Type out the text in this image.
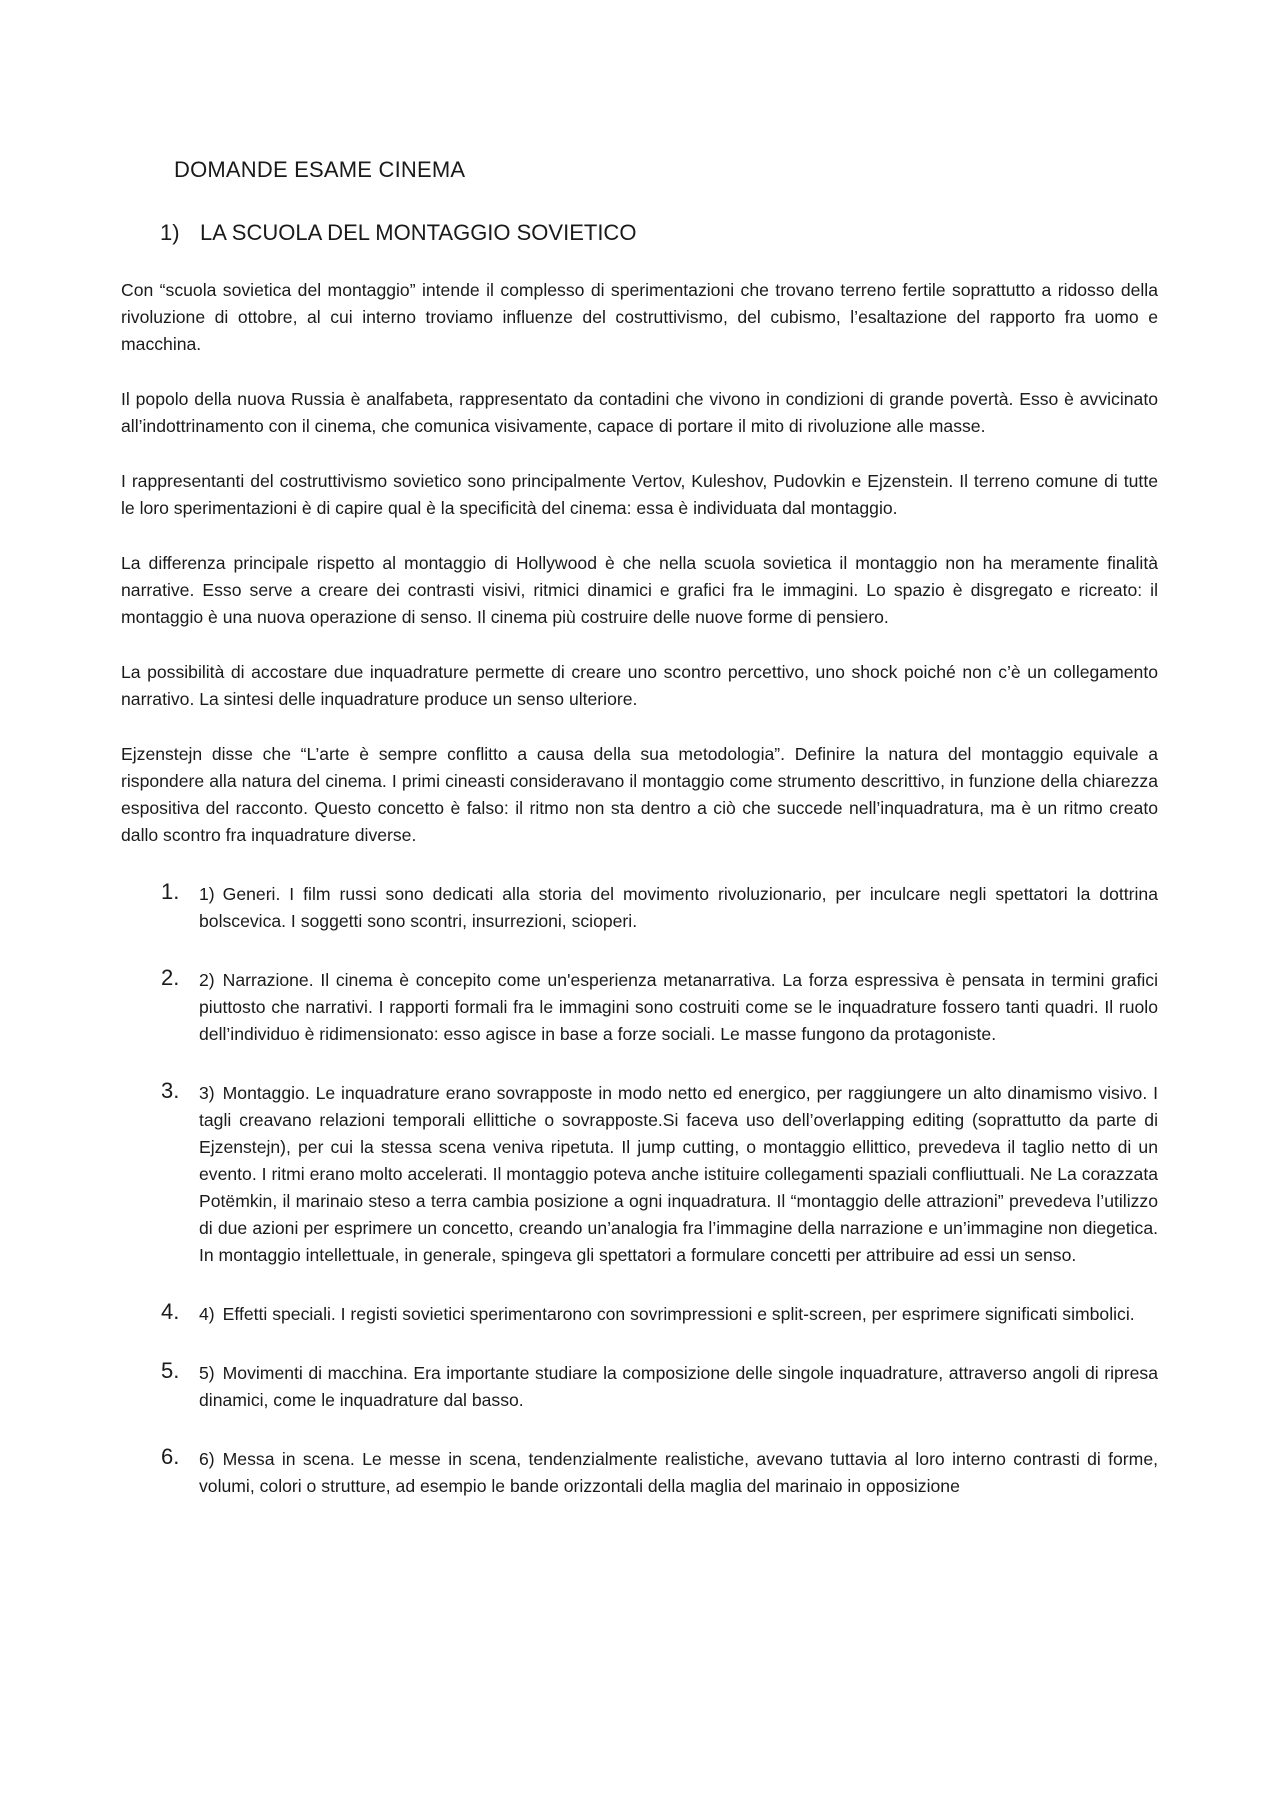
DOMANDE ESAME CINEMA
1) LA SCUOLA DEL MONTAGGIO SOVIETICO

Con “scuola sovietica del montaggio” intende il complesso di sperimentazioni che trovano terreno fertile soprattutto a ridosso della rivoluzione di ottobre, al cui interno troviamo influenze del costruttivismo, del cubismo, l’esaltazione del rapporto fra uomo e macchina.

Il popolo della nuova Russia è analfabeta, rappresentato da contadini che vivono in condizioni di grande povertà. Esso è avvicinato all’indottrinamento con il cinema, che comunica visivamente, capace di portare il mito di rivoluzione alle masse.

I rappresentanti del costruttivismo sovietico sono principalmente Vertov, Kuleshov, Pudovkin e Ejzenstein. Il terreno comune di tutte le loro sperimentazioni è di capire qual è la specificità del cinema: essa è individuata dal montaggio.

La differenza principale rispetto al montaggio di Hollywood è che nella scuola sovietica il montaggio non ha meramente finalità narrative. Esso serve a creare dei contrasti visivi, ritmici dinamici e grafici fra le immagini. Lo spazio è disgregato e ricreato: il montaggio è una nuova operazione di senso. Il cinema più costruire delle nuove forme di pensiero.

La possibilità di accostare due inquadrature permette di creare uno scontro percettivo, uno shock poiché non c’è un collegamento narrativo. La sintesi delle inquadrature produce un senso ulteriore.

Ejzenstejn disse che “L’arte è sempre conflitto a causa della sua metodologia”. Definire la natura del montaggio equivale a rispondere alla natura del cinema. I primi cineasti consideravano il montaggio come strumento descrittivo, in funzione della chiarezza espositiva del racconto. Questo concetto è falso: il ritmo non sta dentro a ciò che succede nell’inquadratura, ma è un ritmo creato dallo scontro fra inquadrature diverse.

1. 1) Generi. I film russi sono dedicati alla storia del movimento rivoluzionario, per inculcare negli spettatori la dottrina bolscevica. I soggetti sono scontri, insurrezioni, scioperi.
2. 2) Narrazione. Il cinema è concepito come un'esperienza metanarrativa. La forza espressiva è pensata in termini grafici piuttosto che narrativi. I rapporti formali fra le immagini sono costruiti come se le inquadrature fossero tanti quadri. Il ruolo dell’individuo è ridimensionato: esso agisce in base a forze sociali. Le masse fungono da protagoniste.
3. 3) Montaggio. Le inquadrature erano sovrapposte in modo netto ed energico, per raggiungere un alto dinamismo visivo. I tagli creavano relazioni temporali ellittiche o sovrapposte.Si faceva uso dell’overlapping editing (soprattutto da parte di Ejzenstejn), per cui la stessa scena veniva ripetuta. Il jump cutting, o montaggio ellittico, prevedeva il taglio netto di un evento. I ritmi erano molto accelerati. Il montaggio poteva anche istituire collegamenti spaziali confliuttuali. Ne La corazzata Potëmkin, il marinaio steso a terra cambia posizione a ogni inquadratura. Il “montaggio delle attrazioni” prevedeva l’utilizzo di due azioni per esprimere un concetto, creando un’analogia fra l’immagine della narrazione e un’immagine non diegetica. In montaggio intellettuale, in generale, spingeva gli spettatori a formulare concetti per attribuire ad essi un senso.
4. 4) Effetti speciali. I registi sovietici sperimentarono con sovrimpressioni e split-screen, per esprimere significati simbolici.
5. 5) Movimenti di macchina. Era importante studiare la composizione delle singole inquadrature, attraverso angoli di ripresa dinamici, come le inquadrature dal basso.
6. 6) Messa in scena. Le messe in scena, tendenzialmente realistiche, avevano tuttavia al loro interno contrasti di forme, volumi, colori o strutture, ad esempio le bande orizzontali della maglia del marinaio in opposizione
